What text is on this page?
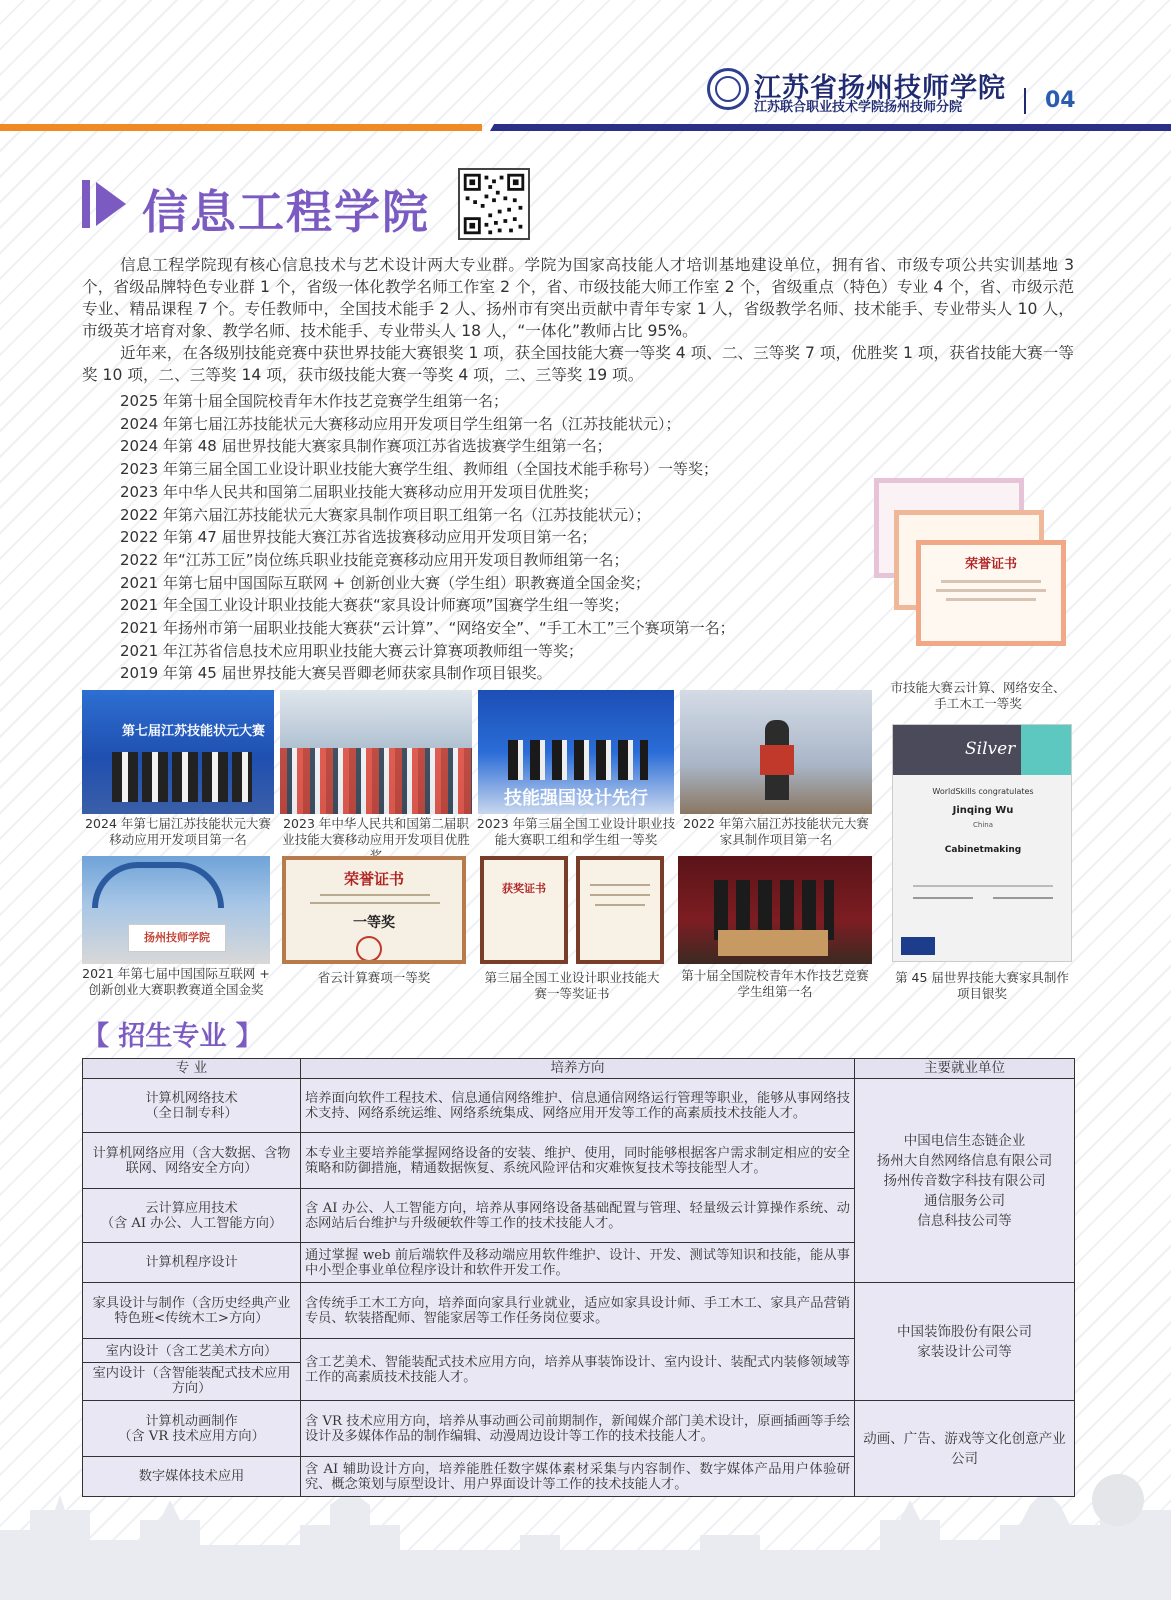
江苏省扬州技师学院
江苏联合职业技术学院扬州技师分院	04
信息工程学院

信息工程学院现有核心信息技术与艺术设计两大专业群。学院为国家高技能人才培训基地建设单位，拥有省、市级专项公共实训基地 3 个，省级品牌特色专业群 1 个，省级一体化教学名师工作室 2 个，省、市级技能大师工作室 2 个，省级重点（特色）专业 4 个，省、市级示范专业、精品课程 7 个。专任教师中，全国技术能手 2 人、扬州市有突出贡献中青年专家 1 人，省级教学名师、技术能手、专业带头人 10 人，市级英才培育对象、教学名师、技术能手、专业带头人 18 人，“一体化”教师占比 95%。

近年来，在各级别技能竞赛中获世界技能大赛银奖 1 项，获全国技能大赛一等奖 4 项、二、三等奖 7 项，优胜奖 1 项，获省技能大赛一等奖 10 项，二、三等奖 14 项，获市级技能大赛一等奖 4 项，二、三等奖 19 项。

2025 年第十届全国院校青年木作技艺竞赛学生组第一名；
2024 年第七届江苏技能状元大赛移动应用开发项目学生组第一名（江苏技能状元）；
2024 年第 48 届世界技能大赛家具制作赛项江苏省选拔赛学生组第一名；
2023 年第三届全国工业设计职业技能大赛学生组、教师组（全国技术能手称号）一等奖；
2023 年中华人民共和国第二届职业技能大赛移动应用开发项目优胜奖；
2022 年第六届江苏技能状元大赛家具制作项目职工组第一名（江苏技能状元）；
2022 年第 47 届世界技能大赛江苏省选拔赛移动应用开发项目第一名；
2022 年“江苏工匠”岗位练兵职业技能竞赛移动应用开发项目教师组第一名；
2021 年第七届中国国际互联网 + 创新创业大赛（学生组）职教赛道全国金奖；
2021 年全国工业设计职业技能大赛获“家具设计师赛项”国赛学生组一等奖；
2021 年扬州市第一届职业技能大赛获“云计算”、“网络安全”、“手工木工”三个赛项第一名；
2021 年江苏省信息技术应用职业技能大赛云计算赛项教师组一等奖；
2019 年第 45 届世界技能大赛吴晋卿老师获家具制作项目银奖。
荣誉证书
市技能大赛云计算、网络安全、手工木工一等奖
第七届江苏技能状元大赛
2024 年第七届江苏技能状元大赛移动应用开发项目第一名
2023 年中华人民共和国第二届职业技能大赛移动应用开发项目优胜
技能强国设计先行
2023 年第三届全国工业设计职业技能大赛职工组和学生组一等奖
2022 年第六届江苏技能状元大赛家具制作项目第一名
Silver
WorldSkills congratulates
Jinqing Wu
China
Cabinetmaking
第 45 届世界技能大赛家具制作项目银奖
扬州技师学院
2021 年第七届中国国际互联网 + 创新创业大赛职教赛道全国金奖
荣誉证书
一等奖
省云计算赛项一等奖
获奖证书
第三届全国工业设计职业技能大赛一等奖证书
第十届全国院校青年木作技艺竞赛学生组第一名
【 招生专业 】
专 业	培养方向	主要就业单位
计算机网络技术
（全日制专科）	培养面向软件工程技术、信息通信网络维护、信息通信网络运行管理等职业，能够从事网络技术支持、网络系统运维、网络系统集成、网络应用开发等工作的高素质技术技能人才。	中国电信生态链企业
扬州大自然网络信息有限公司
扬州传音数字科技有限公司
通信服务公司
信息科技公司等
计算机网络应用（含大数据、含物联网、网络安全方向）	本专业主要培养能掌握网络设备的安装、维护、使用，同时能够根据客户需求制定相应的安全策略和防御措施，精通数据恢复、系统风险评估和灾难恢复技术等技能型人才。	
云计算应用技术
（含 AI 办公、人工智能方向）	含 AI 办公、人工智能方向，培养从事网络设备基础配置与管理、轻量级云计算操作系统、动态网站后台维护与升级硬软件等工作的技术技能人才。	
计算机程序设计	通过掌握 web 前后端软件及移动端应用软件维护、设计、开发、测试等知识和技能，能从事中小型企事业单位程序设计和软件开发工作。	
家具设计与制作（含历史经典产业特色班<传统木工>方向）	含传统手工木工方向，培养面向家具行业就业，适应如家具设计师、手工木工、家具产品营销专员、软装搭配师、智能家居等工作任务岗位要求。	中国装饰股份有限公司
家装设计公司等

室内设计（含工艺美术方向）
室内设计（含智能装配式技术应用方向）	含工艺美术、智能装配式技术应用方向，培养从事装饰设计、室内设计、装配式内装修领域等工作的高素质技术技能人才。	
计算机动画制作
（含 VR 技术应用方向）	含 VR 技术应用方向，培养从事动画公司前期制作，新闻媒介部门美术设计，原画插画等手绘设计及多媒体作品的制作编辑、动漫周边设计等工作的技术技能人才。	动画、广告、游戏等文化创意产业公司
数字媒体技术应用	含 AI 辅助设计方向，培养能胜任数字媒体素材采集与内容制作、数字媒体产品用户体验研究、概念策划与原型设计、用户界面设计等工作的技术技能人才。	
